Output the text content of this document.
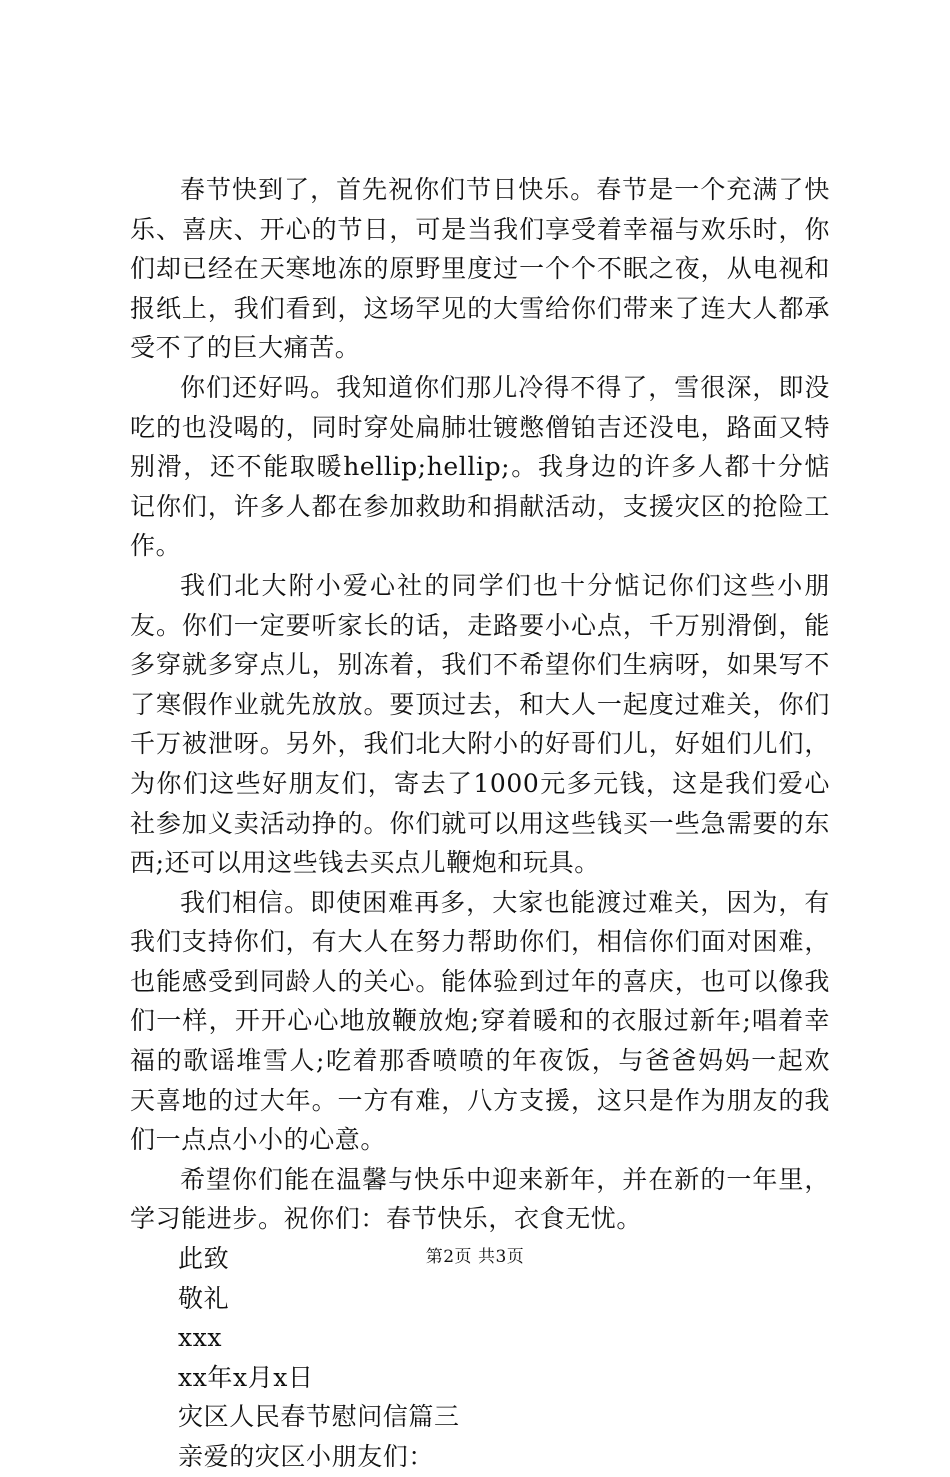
春节快到了，首先祝你们节日快乐。春节是一个充满了快乐、喜庆、开心的节日，可是当我们享受着幸福与欢乐时，你们却已经在天寒地冻的原野里度过一个个不眠之夜，从电视和报纸上，我们看到，这场罕见的大雪给你们带来了连大人都承受不了的巨大痛苦。

你们还好吗。我知道你们那儿冷得不得了，雪很深，即没吃的也没喝的，同时穿处扁肺壮镀憋僧铂吉还没电，路面又特别滑，还不能取暖hellip;hellip;。我身边的许多人都十分惦记你们，许多人都在参加救助和捐献活动，支援灾区的抢险工作。

我们北大附小爱心社的同学们也十分惦记你们这些小朋友。你们一定要听家长的话，走路要小心点，千万别滑倒，能多穿就多穿点儿，别冻着，我们不希望你们生病呀，如果写不了寒假作业就先放放。要顶过去，和大人一起度过难关，你们千万被泄呀。另外，我们北大附小的好哥们儿，好姐们儿们，为你们这些好朋友们，寄去了1000元多元钱，这是我们爱心社参加义卖活动挣的。你们就可以用这些钱买一些急需要的东西;还可以用这些钱去买点儿鞭炮和玩具。

我们相信。即使困难再多，大家也能渡过难关，因为，有我们支持你们，有大人在努力帮助你们，相信你们面对困难，也能感受到同龄人的关心。能体验到过年的喜庆，也可以像我们一样，开开心心地放鞭放炮;穿着暖和的衣服过新年;唱着幸福的歌谣堆雪人;吃着那香喷喷的年夜饭，与爸爸妈妈一起欢天喜地的过大年。一方有难，八方支援，这只是作为朋友的我们一点点小小的心意。

希望你们能在温馨与快乐中迎来新年，并在新的一年里，学习能进步。祝你们：春节快乐，衣食无忧。

此致
敬礼
xxx
xx年x月x日
灾区人民春节慰问信篇三
亲爱的灾区小朋友们：
第2页 共3页
